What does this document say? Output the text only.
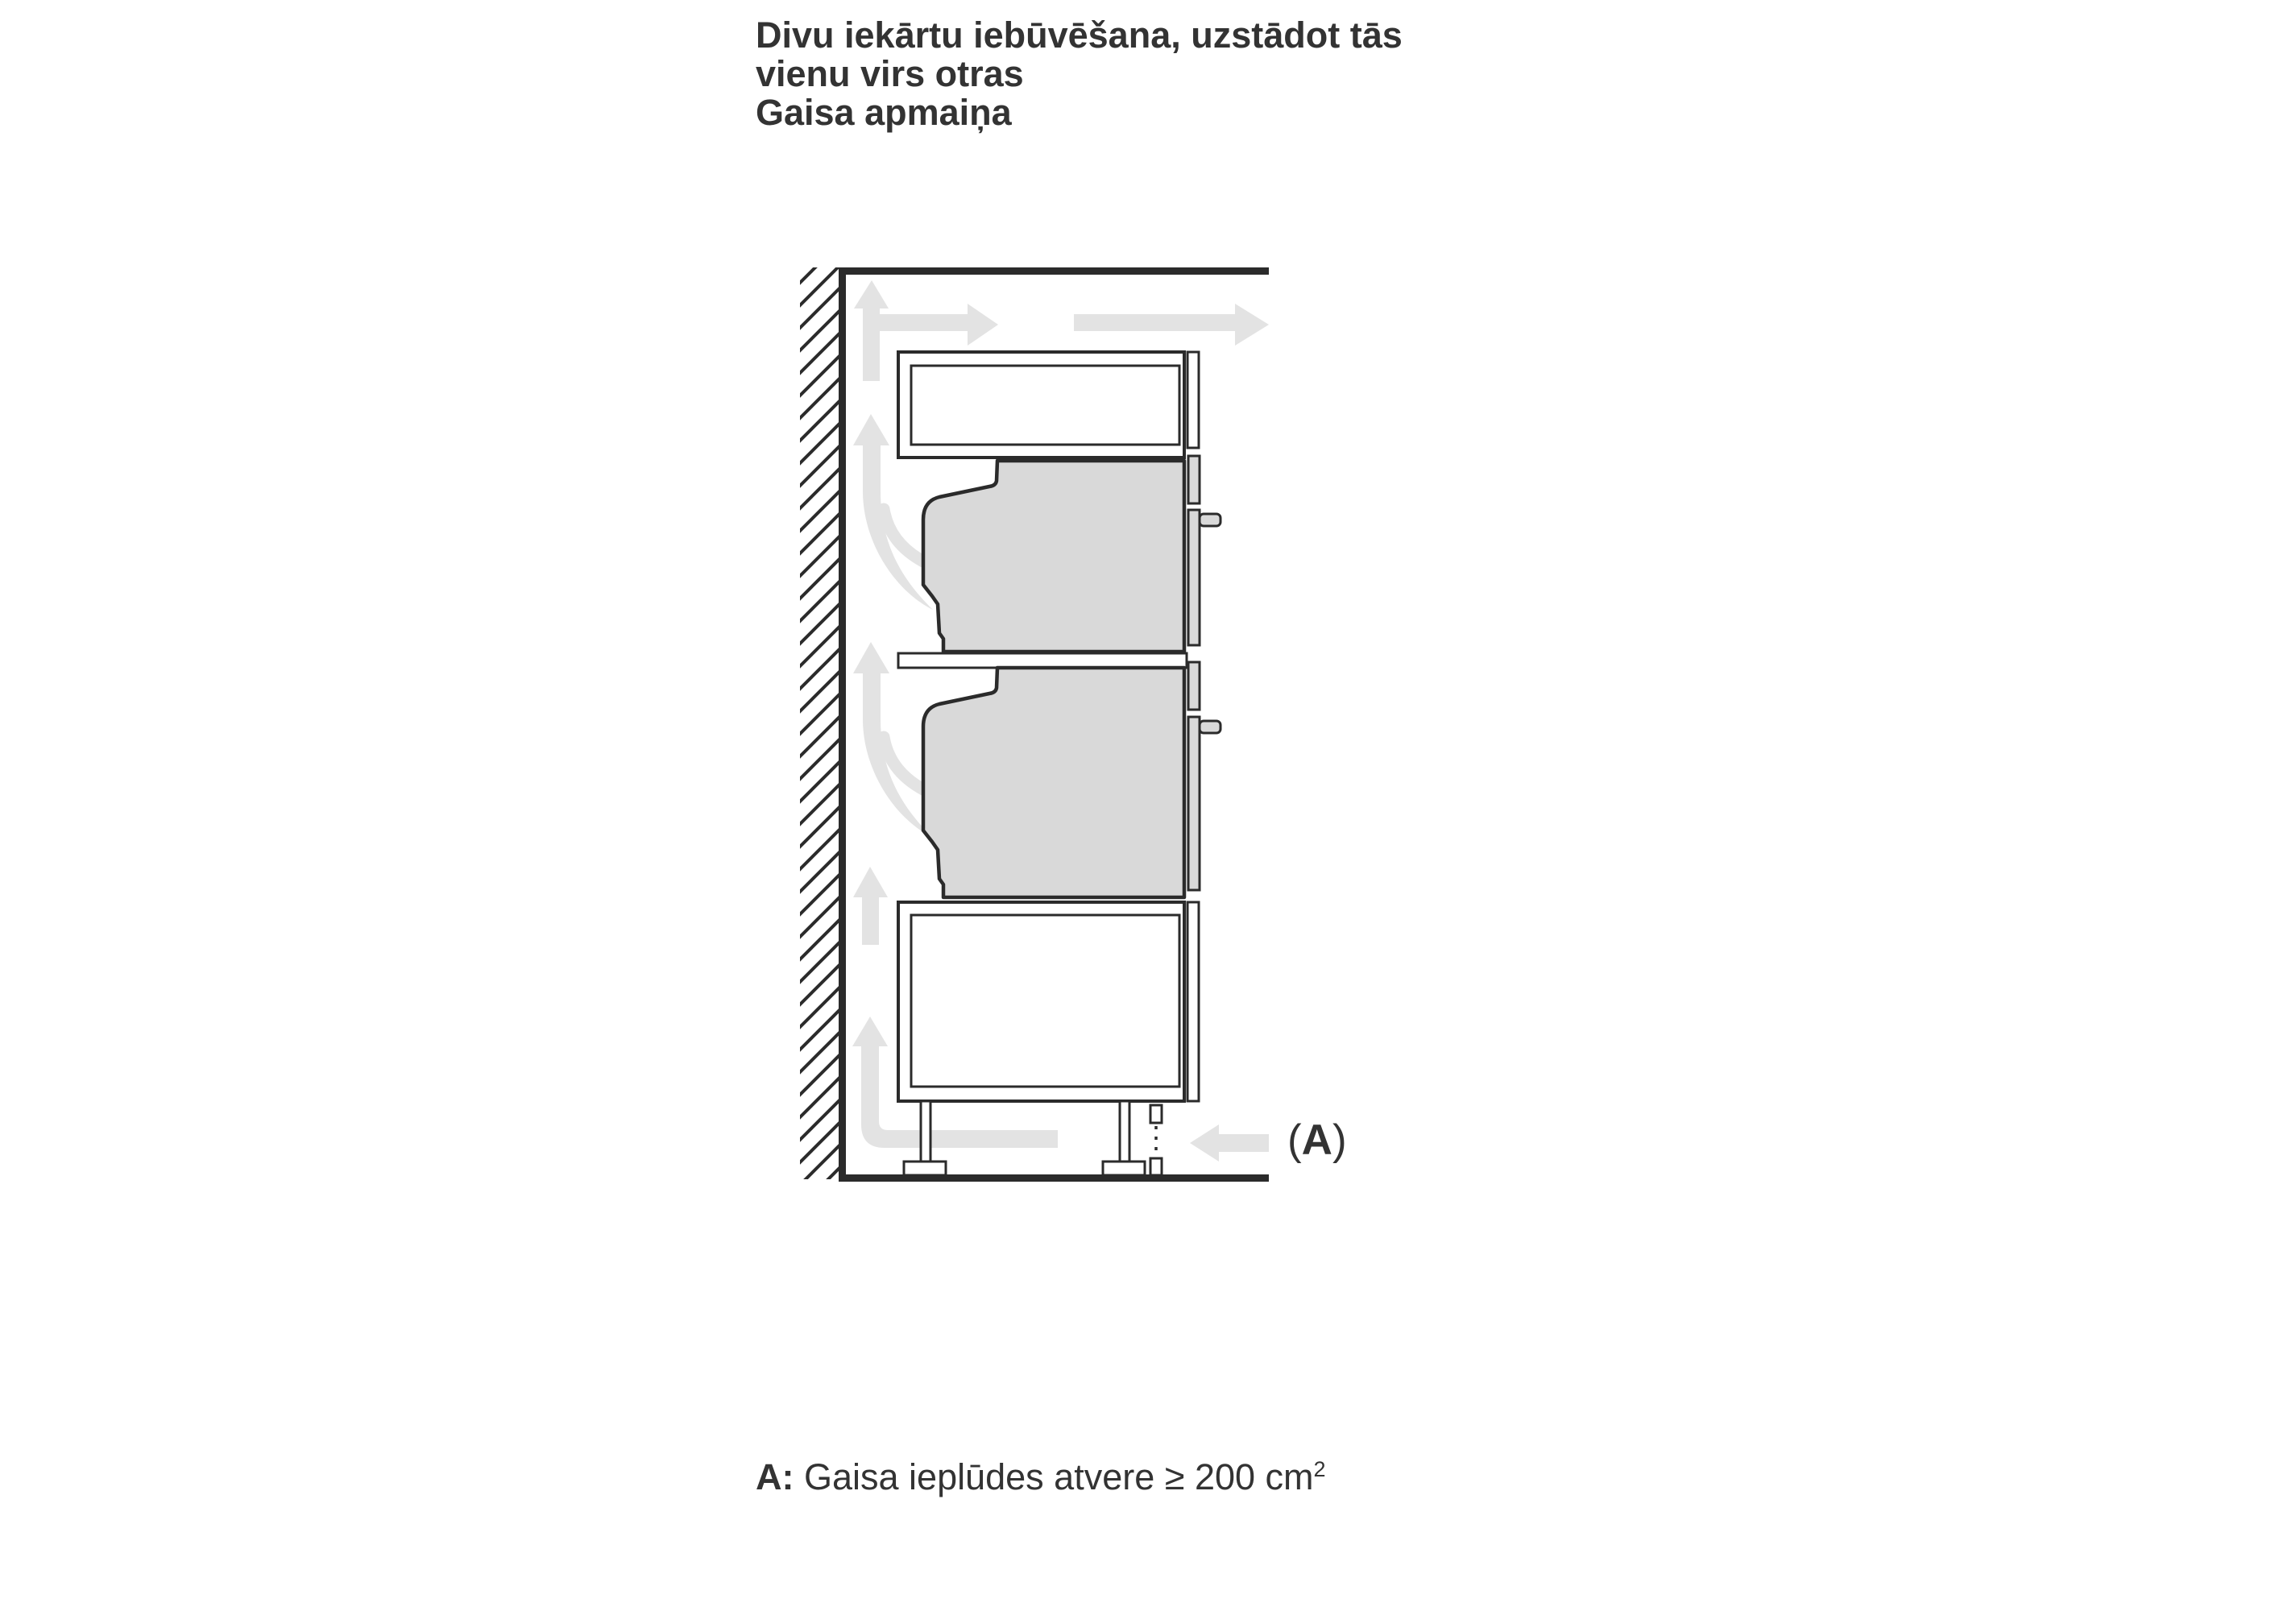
Divu iekārtu iebūvēšana, uzstādot tās
vienu virs otras
Gaisa apmaiņa
(A)
A: Gaisa ieplūdes atvere ≥ 200 $cm^2$
